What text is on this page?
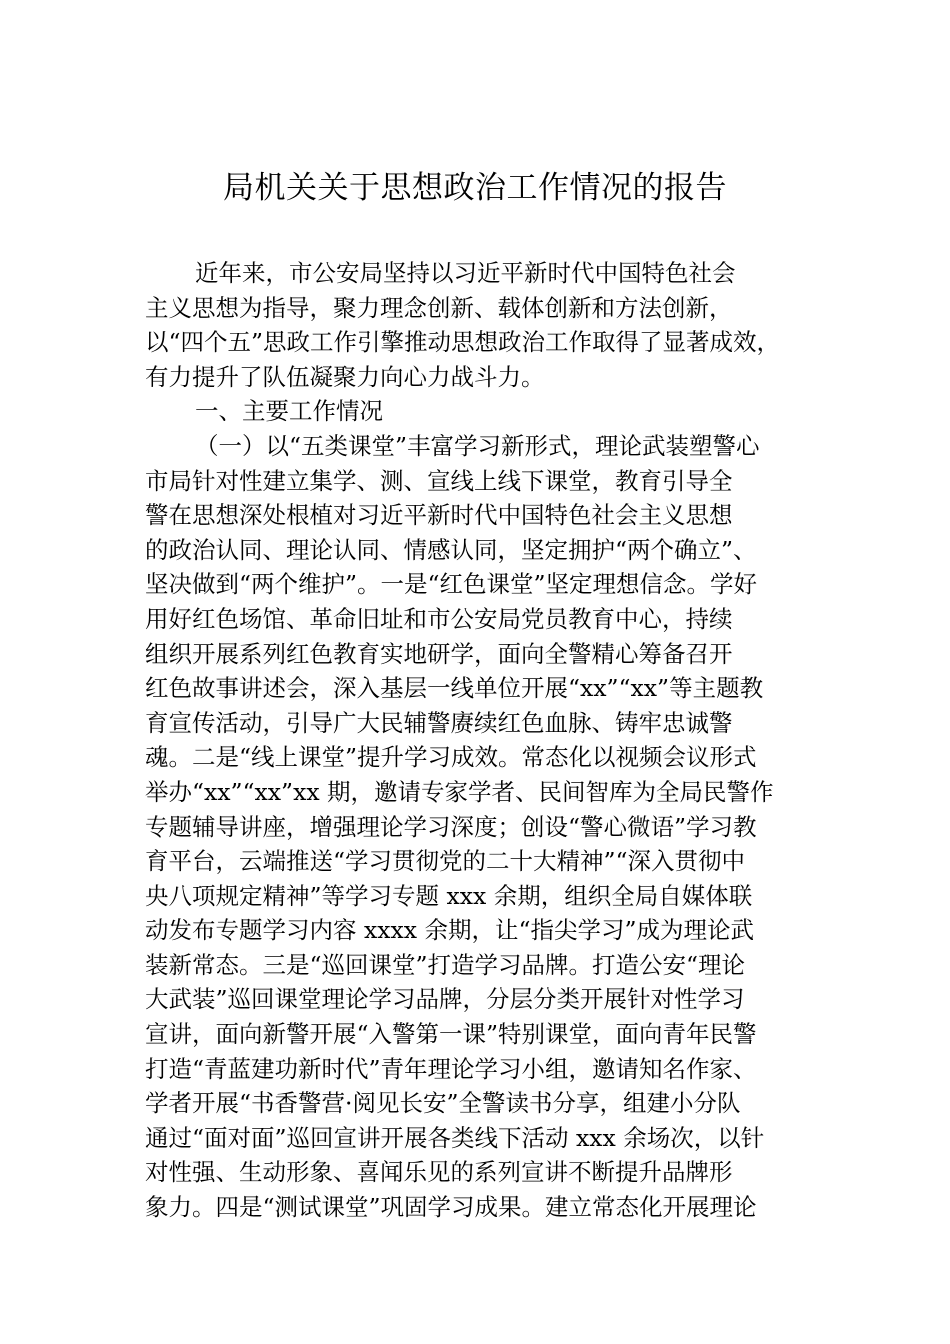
局机关关于思想政治工作情况的报告
近年来，市公安局坚持以习近平新时代中国特色社会
主义思想为指导，聚力理念创新、载体创新和方法创新，
以“四个五”思政工作引擎推动思想政治工作取得了显著成效，
有力提升了队伍凝聚力向心力战斗力。
一、主要工作情况
（一）以“五类课堂”丰富学习新形式，理论武装塑警心
市局针对性建立集学、测、宣线上线下课堂，教育引导全
警在思想深处根植对习近平新时代中国特色社会主义思想
的政治认同、理论认同、情感认同，坚定拥护“两个确立”、
坚决做到“两个维护”。一是“红色课堂”坚定理想信念。学好
用好红色场馆、革命旧址和市公安局党员教育中心，持续
组织开展系列红色教育实地研学，面向全警精心筹备召开
红色故事讲述会，深入基层一线单位开展“xx”“xx”等主题教
育宣传活动，引导广大民辅警赓续红色血脉、铸牢忠诚警
魂。二是“线上课堂”提升学习成效。常态化以视频会议形式
举办“xx”“xx”xx 期，邀请专家学者、民间智库为全局民警作
专题辅导讲座，增强理论学习深度；创设“警心微语”学习教
育平台，云端推送“学习贯彻党的二十大精神”“深入贯彻中
央八项规定精神”等学习专题 xxx 余期，组织全局自媒体联
动发布专题学习内容 xxxx 余期，让“指尖学习”成为理论武
装新常态。三是“巡回课堂”打造学习品牌。打造公安“理论
大武装”巡回课堂理论学习品牌，分层分类开展针对性学习
宣讲，面向新警开展“入警第一课”特别课堂，面向青年民警
打造“青蓝建功新时代”青年理论学习小组，邀请知名作家、
学者开展“书香警营·阅见长安”全警读书分享，组建小分队
通过“面对面”巡回宣讲开展各类线下活动 xxx 余场次，以针
对性强、生动形象、喜闻乐见的系列宣讲不断提升品牌形
象力。四是“测试课堂”巩固学习成果。建立常态化开展理论
